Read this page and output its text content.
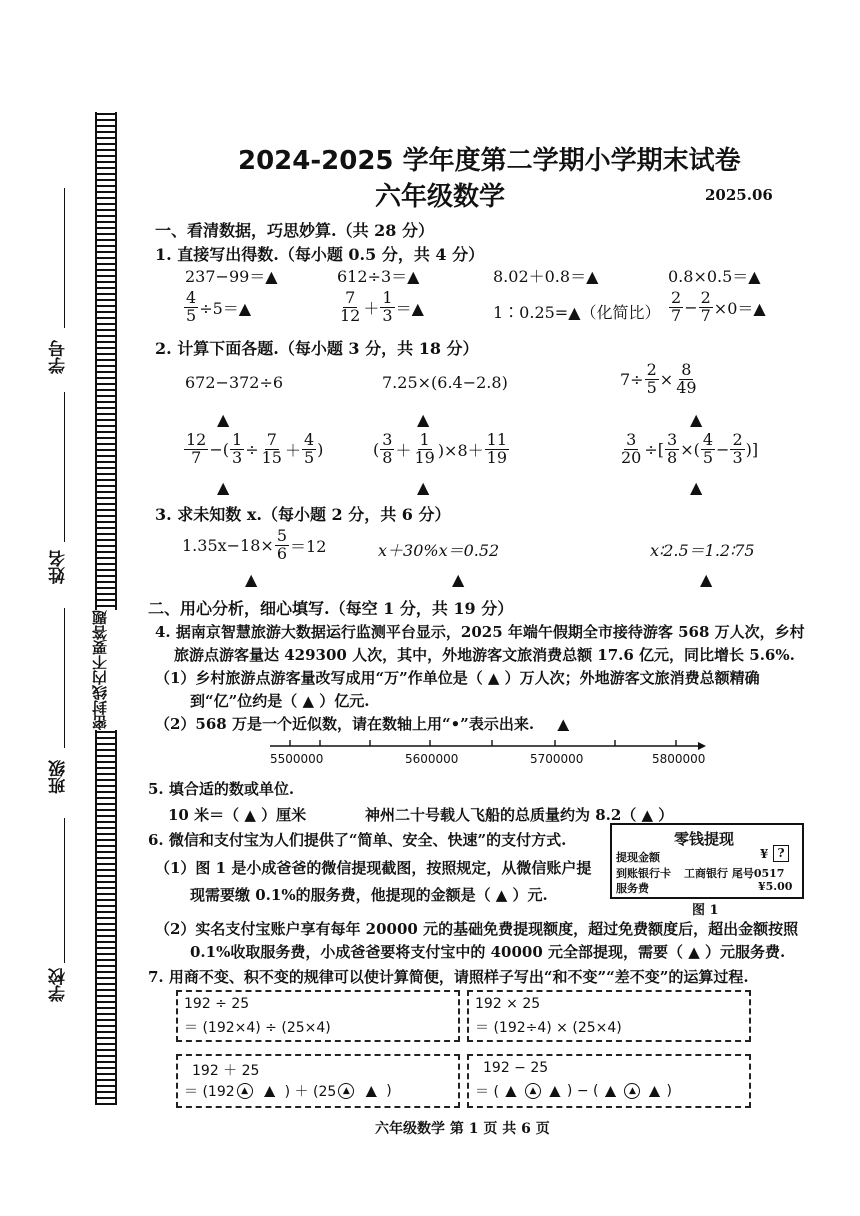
密封线内不要答题
学号
姓名
班级
学校
2024-2025 学年度第二学期小学期末试卷
六年级数学	2025.06
一、看清数据，巧思妙算.（共 28 分）
1. 直接写出得数.（每小题 0.5 分，共 4 分）
237−99＝▲	612÷3＝▲	8.02＋0.8＝▲	0.8×0.5＝▲
$\frac{4}{5}$ ÷5＝▲	$\frac{7}{12} + \frac{1}{3}$ ＝▲	1∶0.25=▲（化简比） $\frac{2}{7} - \frac{2}{7}$ ×0＝▲
2. 计算下面各题.（每小题 3 分，共 18 分）
672−372÷6	7.25×(6.4−2.8)	$7\div \frac{2}{5} \times \frac{8}{49}$
▲	▲	▲
$\frac{12}{7}$ −( $\frac{1}{3} \div \frac{7}{15} + \frac{4}{5}$ )	( $\frac{3}{8} + \frac{1}{19} )\times 8+ \frac{11}{19}$	$\frac{3}{20}$ ÷[ $\frac{3}{8}$ ×( $\frac{4}{5} - \frac{2}{3}$ )]
▲	▲	▲
3. 求未知数 x.（每小题 2 分，共 6 分）
$1.35x-18\times \frac{5}{6} =12$	x＋30%x＝0.52	x∶2.5＝1.2∶75
▲	▲	▲
二、用心分析，细心填写.（每空 1 分，共 19 分）
4. 据南京智慧旅游大数据运行监测平台显示，2025 年端午假期全市接待游客 568 万人次，乡村
旅游点游客量达 429300 人次，其中，外地游客文旅消费总额 17.6 亿元，同比增长 5.6%.
（1）乡村旅游点游客量改写成用“万”作单位是（ ▲ ）万人次；外地游客文旅消费总额精确
到“亿”位约是（ ▲ ）亿元.
（2）568 万是一个近似数，请在数轴上用“•”表示出来. ▲
5500000	5600000	5700000	5800000
5. 填合适的数或单位.
10 米＝（ ▲ ）厘米	神州二十号载人飞船的总质量约为 8.2（ ▲ ）
6. 微信和支付宝为人们提供了“简单、安全、快速”的支付方式.
（1）图 1 是小成爸爸的微信提现截图，按照规定，从微信账户提
现需要缴 0.1%的服务费，他提现的金额是（ ▲ ）元.
零钱提现
提现金额	¥ ?
到账银行卡 工商银行 尾号0517
服务费	¥5.00
图 1
（2）实名支付宝账户享有每年 20000 元的基础免费提现额度，超过免费额度后，超出金额按照
0.1%收取服务费，小成爸爸要将支付宝中的 40000 元全部提现，需要（ ▲ ）元服务费.
7. 用商不变、积不变的规律可以使计算简便，请照样子写出“和不变”“差不变”的运算过程.
192 ÷ 25
＝ (192×4) ÷ (25×4)
192 × 25
＝ (192÷4) × (25×4)
192 ＋ 25
＝ (192 ▲	▲ ) ＋ (25 ▲	▲ )
192 − 25
＝ ( ▲	▲ ▲ ) − ( ▲	▲ ▲ )
六年级数学 第 1 页 共 6 页
